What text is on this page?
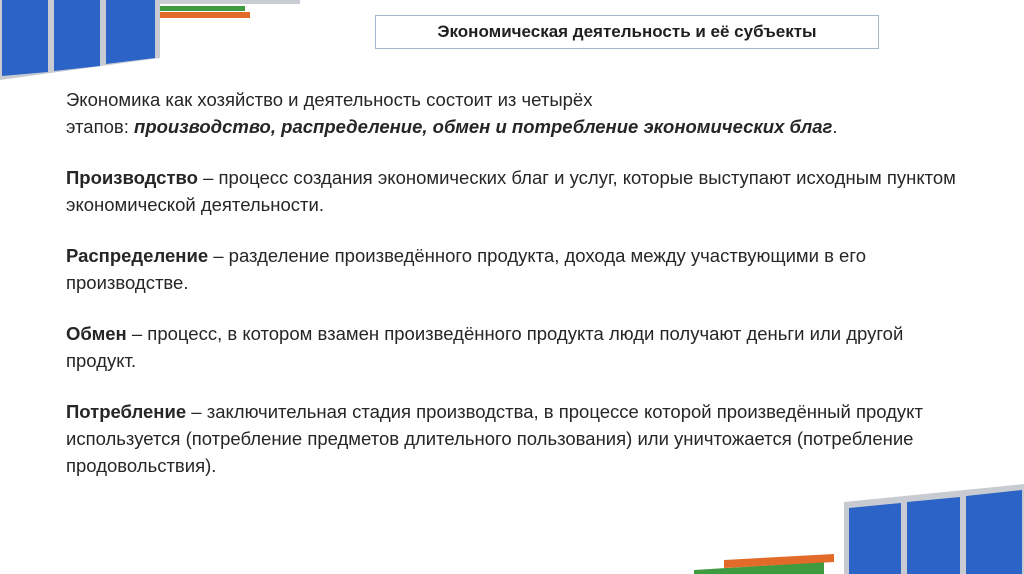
Экономическая деятельность и её субъекты

Экономика как хозяйство и деятельность состоит из четырёх
этапов: производство, распределение, обмен и потребление экономических благ.

Производство – процесс создания экономических благ и услуг, которые выступают исходным пунктом экономической деятельности.

Распределение – разделение произведённого продукта, дохода между участвующими в его производстве.

Обмен – процесс, в котором взамен произведённого продукта люди получают деньги или другой продукт.

Потребление – заключительная стадия производства, в процессе которой произведённый продукт используется (потребление предметов длительного пользования) или уничтожается (потребление продовольствия).
